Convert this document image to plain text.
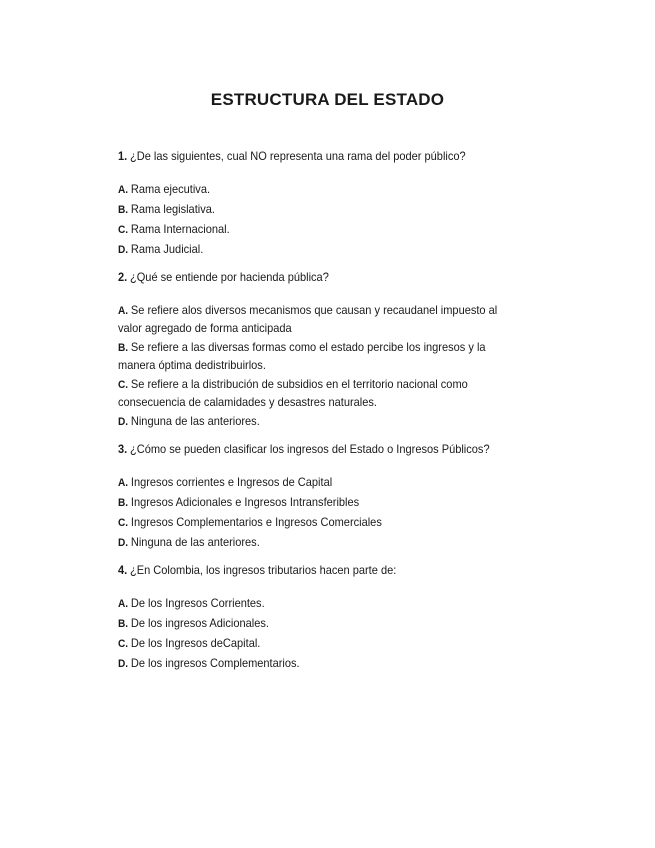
ESTRUCTURA DEL ESTADO
1. ¿De las siguientes, cual NO representa una rama del poder público?
A. Rama ejecutiva.
B. Rama legislativa.
C. Rama Internacional.
D. Rama Judicial.
2. ¿Qué se entiende por hacienda pública?
A. Se refiere alos diversos mecanismos que causan y recaudanel impuesto al valor agregado de forma anticipada
B. Se refiere a las diversas formas como el estado percibe los ingresos y la manera óptima dedistribuirlos.
C. Se refiere a la distribución de subsidios en el territorio nacional como consecuencia de calamidades y desastres naturales.
D. Ninguna de las anteriores.
3. ¿Cómo se pueden clasificar los ingresos del Estado o Ingresos Públicos?
A. Ingresos corrientes e Ingresos de Capital
B. Ingresos Adicionales e Ingresos Intransferibles
C. Ingresos Complementarios e Ingresos Comerciales
D. Ninguna de las anteriores.
4. ¿En Colombia, los ingresos tributarios hacen parte de:
A. De los Ingresos Corrientes.
B. De los ingresos Adicionales.
C. De los Ingresos deCapital.
D. De los ingresos Complementarios.
